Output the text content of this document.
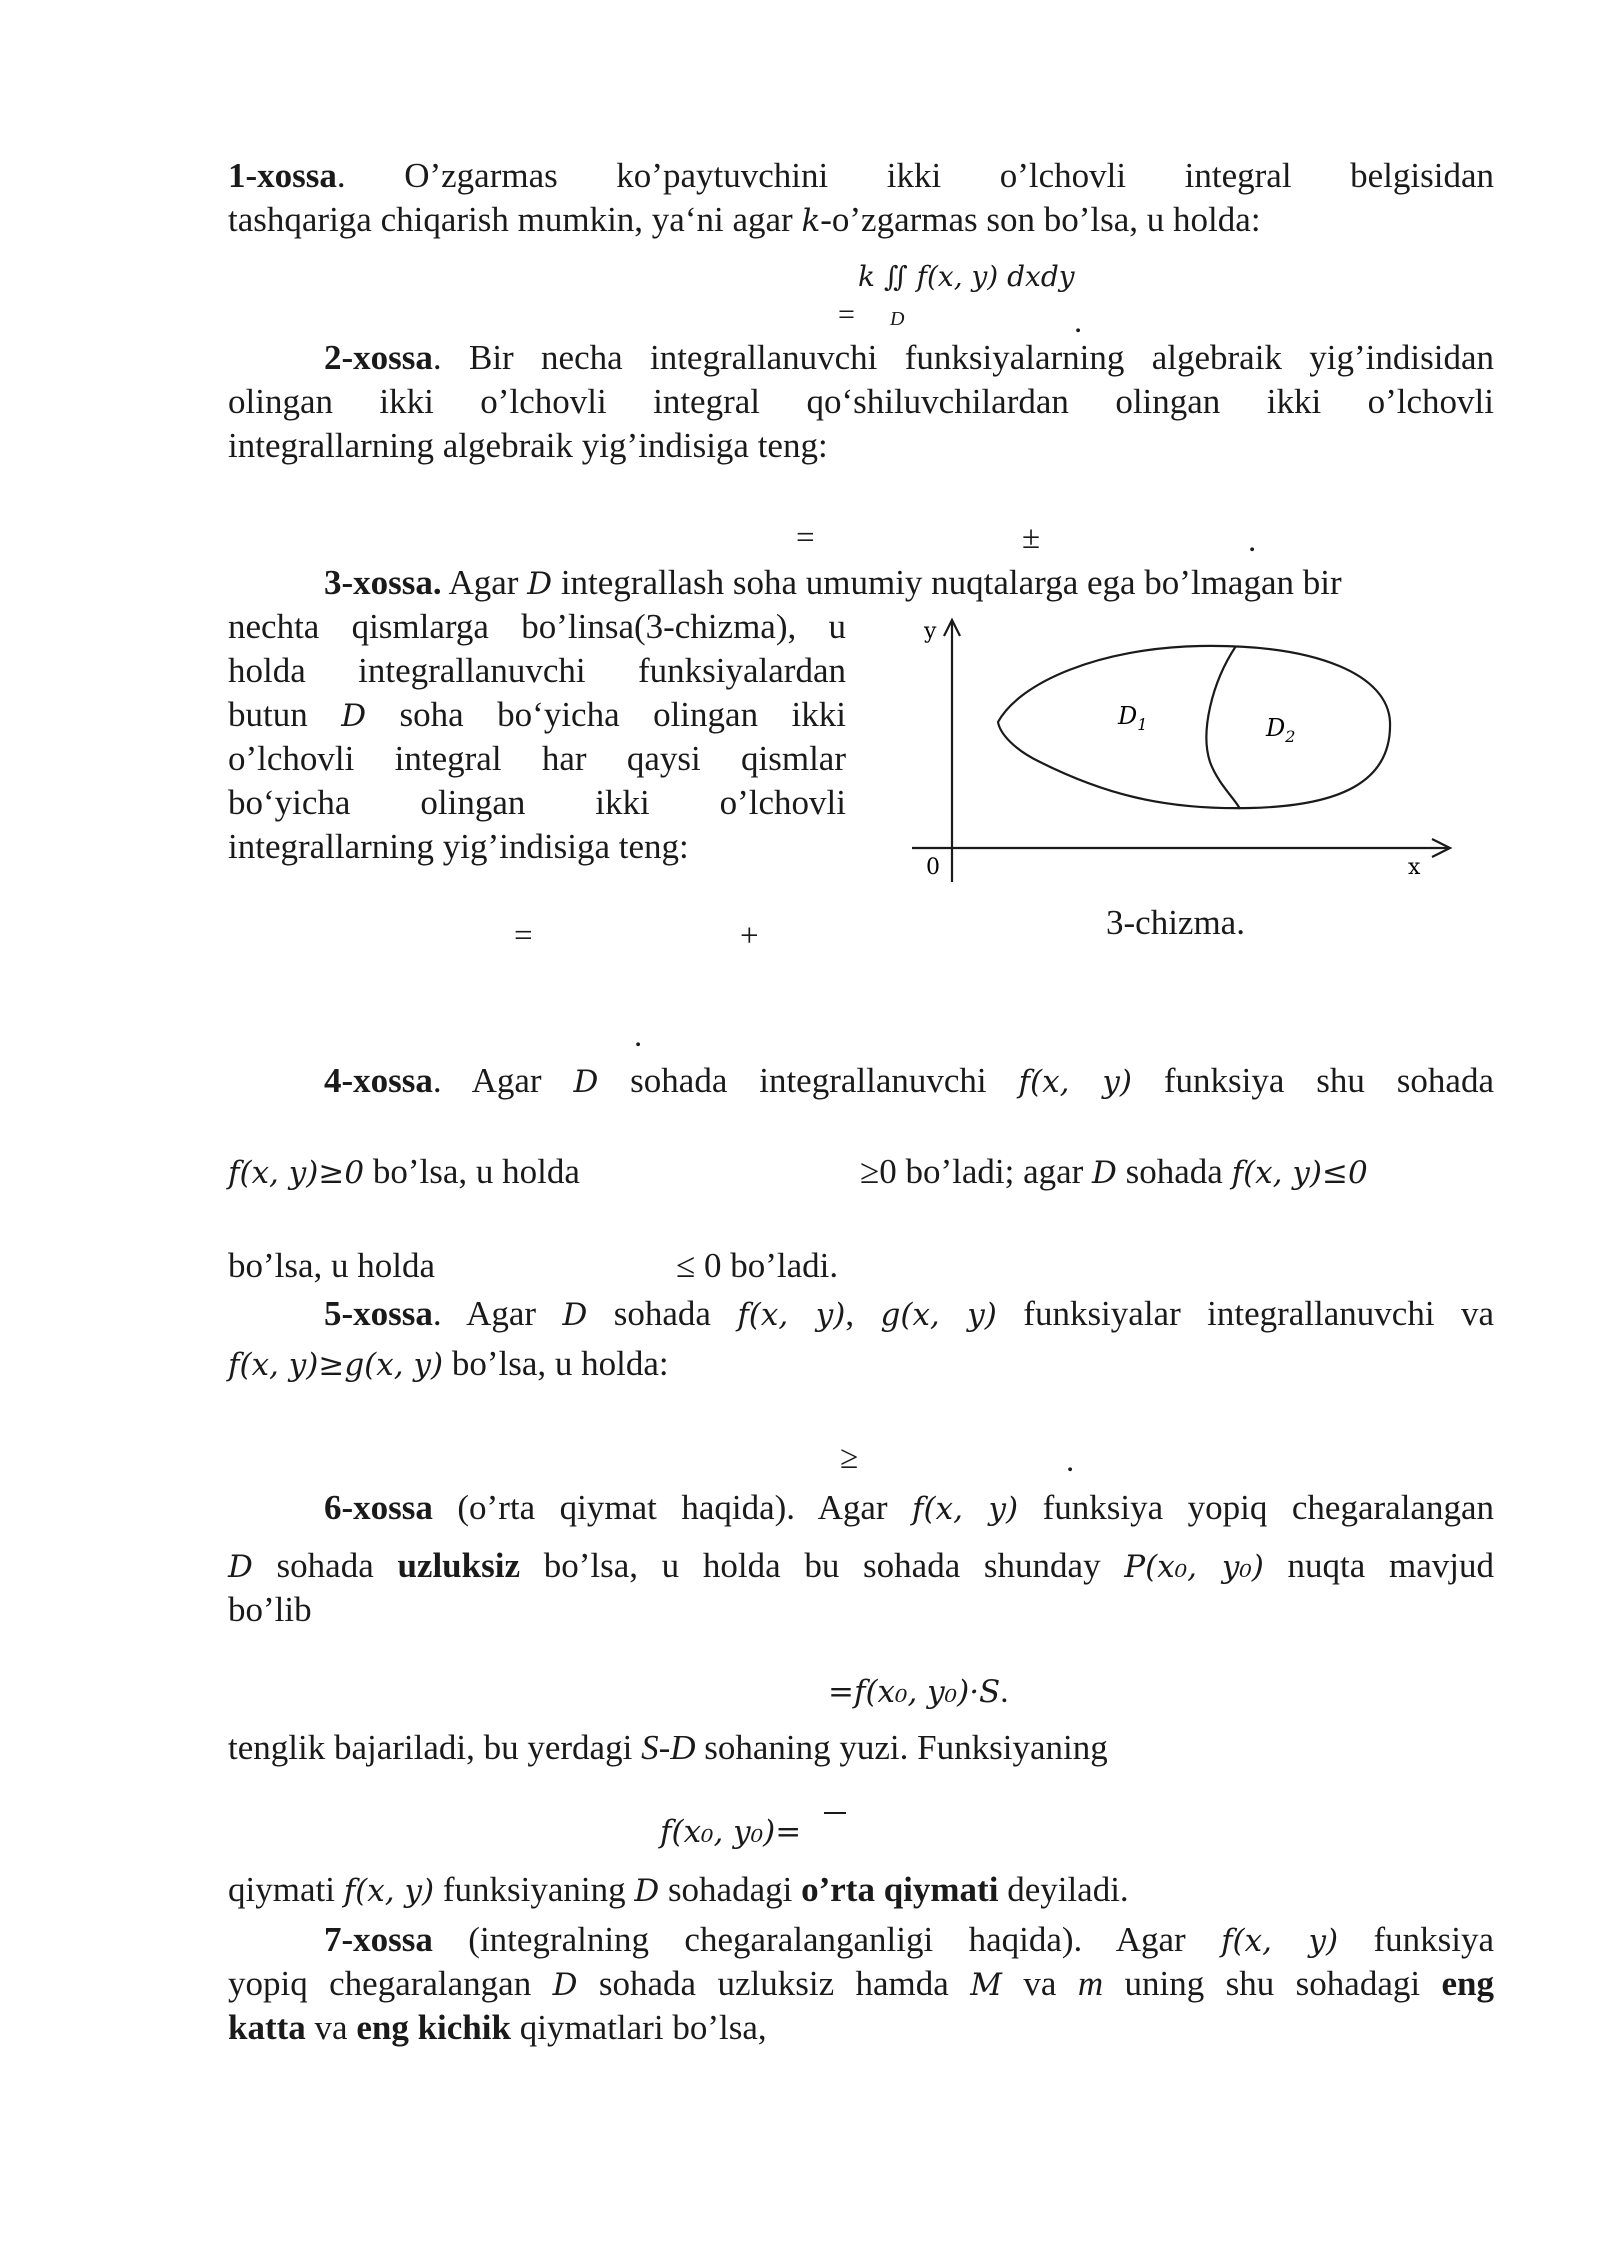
1-xossa. O’zgarmas ko’paytuvchini ikki o’lchovli integral belgisidan
tashqariga chiqarish mumkin, ya‘ni agar k-o’zgarmas son bo’lsa, u holda:
k ∬ f(x, y) dxdy
= D	.
2-xossa. Bir necha integrallanuvchi funksiyalarning algebraik yig’indisidan
olingan ikki o’lchovli integral qo‘shiluvchilardan olingan ikki o’lchovli
integrallarning algebraik yig’indisiga teng:
=	±	.
3-xossa. Agar D integrallash soha umumiy nuqtalarga ega bo’lmagan bir
nechta qismlarga bo’linsa(3-chizma), u
holda integrallanuvchi funksiyalardan
butun D soha bo‘yicha olingan ikki
o’lchovli integral har qaysi qismlar
bo‘yicha olingan ikki o’lchovli
integrallarning yig’indisiga teng:
y
x
0
$D_1$	$D_2$
=	+	3-chizma.
.
4-xossa. Agar D sohada integrallanuvchi f(x, y) funksiya shu sohada
f(x, y)≥0 bo’lsa, u holda	≥0 bo’ladi; agar D sohada f(x, y)≤0
bo’lsa, u holda	≤ 0 bo’ladi.
5-xossa. Agar D sohada f(x, y), g(x, y) funksiyalar integrallanuvchi va
f(x, y)≥g(x, y) bo’lsa, u holda:
≥	.
6-xossa (o’rta qiymat haqida). Agar f(x, y) funksiya yopiq chegaralangan
D sohada uzluksiz bo’lsa, u holda bu sohada shunday P(x₀, y₀) nuqta mavjud
bo’lib
=f(x₀, y₀)·S.
tenglik bajariladi, bu yerdagi S-D sohaning yuzi. Funksiyaning
f(x₀, y₀)=
qiymati f(x, y) funksiyaning D sohadagi o’rta qiymati deyiladi.
7-xossa (integralning chegaralanganligi haqida). Agar f(x, y) funksiya
yopiq chegaralangan D sohada uzluksiz hamda M va m uning shu sohadagi eng
katta va eng kichik qiymatlari bo’lsa,
